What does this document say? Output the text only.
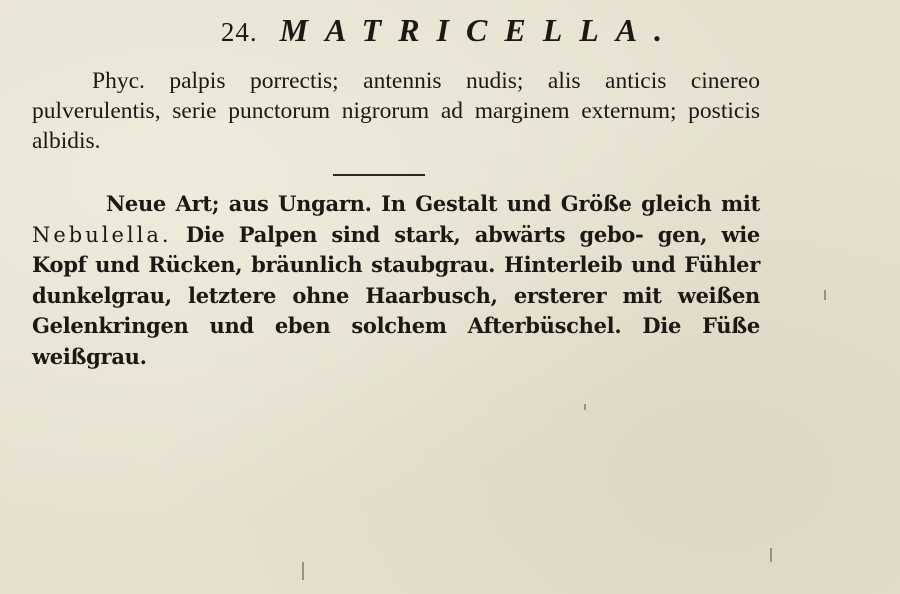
24. MATRICELLA.

Phyc. palpis porrectis; antennis nudis; alis anticis cinereo pulverulentis, serie punctorum nigrorum ad marginem externum; posticis albidis.

Neue Art; aus Ungarn. In Gestalt und Größe gleich mit Nebulella. Die Palpen sind stark, abwärts gebo- gen, wie Kopf und Rücken, bräunlich staubgrau. Hinterleib und Fühler dunkelgrau, letztere ohne Haarbusch, ersterer mit weißen Gelenkringen und eben solchem Afterbüschel. Die Füße weißgrau.
